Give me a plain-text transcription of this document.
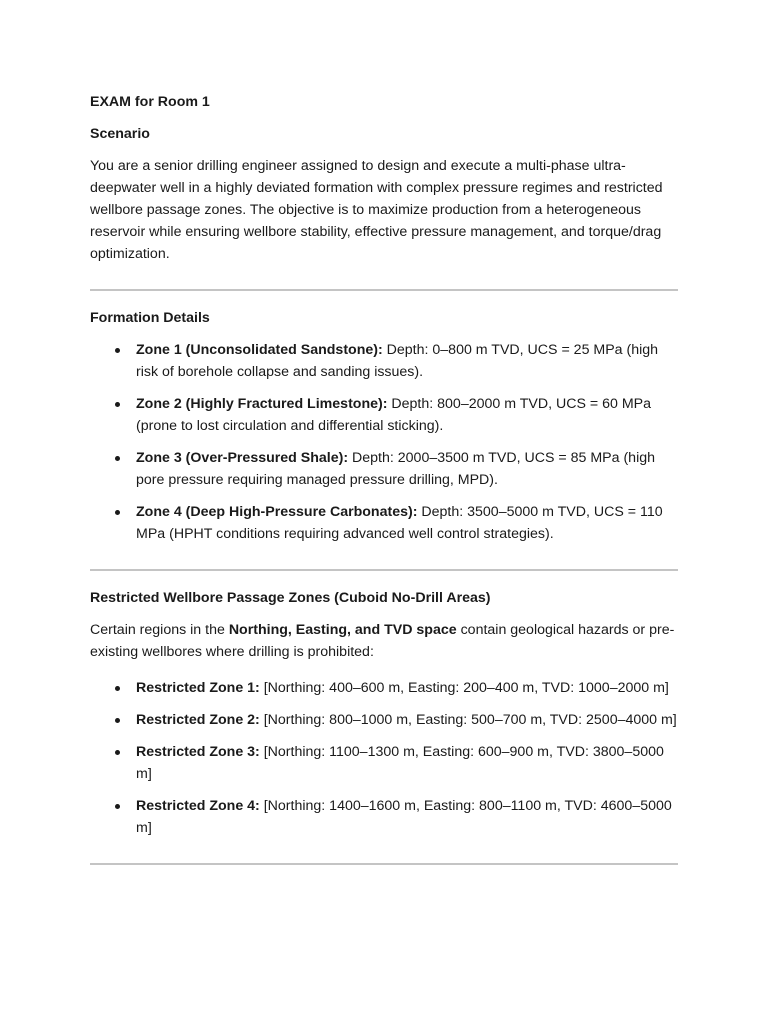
EXAM for Room 1

Scenario

You are a senior drilling engineer assigned to design and execute a multi-phase ultra-deepwater well in a highly deviated formation with complex pressure regimes and restricted wellbore passage zones. The objective is to maximize production from a heterogeneous reservoir while ensuring wellbore stability, effective pressure management, and torque/drag optimization.

Formation Details

Zone 1 (Unconsolidated Sandstone): Depth: 0–800 m TVD, UCS = 25 MPa (high risk of borehole collapse and sanding issues).
Zone 2 (Highly Fractured Limestone): Depth: 800–2000 m TVD, UCS = 60 MPa (prone to lost circulation and differential sticking).
Zone 3 (Over-Pressured Shale): Depth: 2000–3500 m TVD, UCS = 85 MPa (high pore pressure requiring managed pressure drilling, MPD).
Zone 4 (Deep High-Pressure Carbonates): Depth: 3500–5000 m TVD, UCS = 110 MPa (HPHT conditions requiring advanced well control strategies).

Restricted Wellbore Passage Zones (Cuboid No-Drill Areas)

Certain regions in the Northing, Easting, and TVD space contain geological hazards or pre-existing wellbores where drilling is prohibited:

Restricted Zone 1: [Northing: 400–600 m, Easting: 200–400 m, TVD: 1000–2000 m]
Restricted Zone 2: [Northing: 800–1000 m, Easting: 500–700 m, TVD: 2500–4000 m]
Restricted Zone 3: [Northing: 1100–1300 m, Easting: 600–900 m, TVD: 3800–5000 m]
Restricted Zone 4: [Northing: 1400–1600 m, Easting: 800–1100 m, TVD: 4600–5000 m]
